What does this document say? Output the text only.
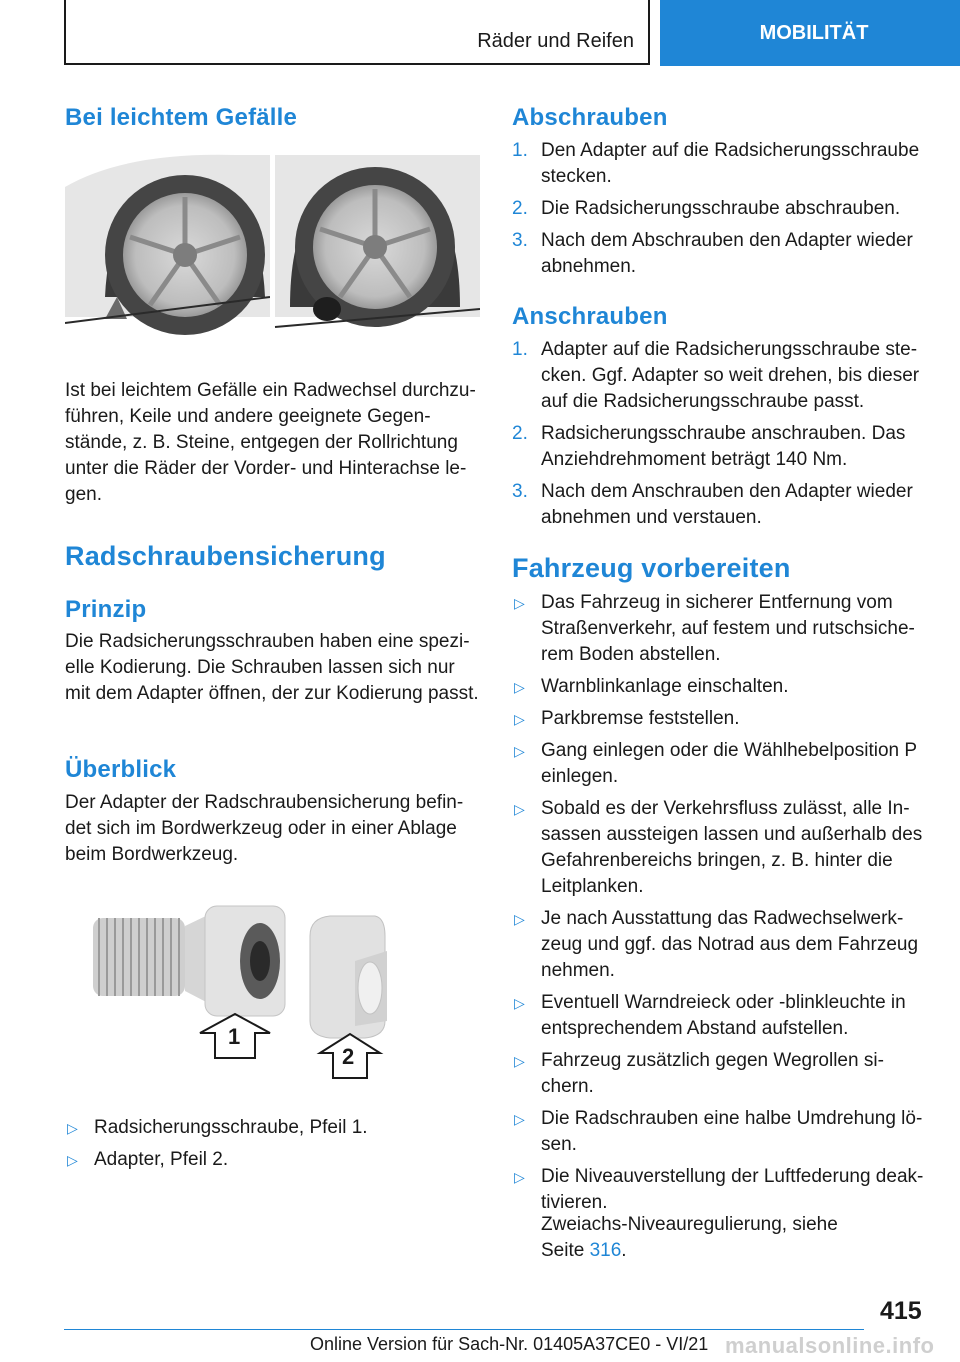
Räder und Reifen	MOBILITÄT
Bei leichtem Gefälle

Ist bei leichtem Gefälle ein Radwechsel durchzuführen, Keile und andere geeignete Gegenstände, z. B. Steine, entgegen der Rollrichtung unter die Räder der Vorder- und Hinterachse legen.

Radschraubensicherung
Prinzip

Die Radsicherungsschrauben haben eine spezielle Kodierung. Die Schrauben lassen sich nur mit dem Adapter öffnen, der zur Kodierung passt.

Überblick

Der Adapter der Radschraubensicherung befindet sich im Bordwerkzeug oder in einer Ablage beim Bordwerkzeug.

1
2
▷ Radsicherungsschraube, Pfeil 1.
▷ Adapter, Pfeil 2.
Abschrauben
1. Den Adapter auf die Radsicherungsschraube stecken.
2. Die Radsicherungsschraube abschrauben.
3. Nach dem Abschrauben den Adapter wieder abnehmen.
Anschrauben
1. Adapter auf die Radsicherungsschraube stecken. Ggf. Adapter so weit drehen, bis dieser auf die Radsicherungsschraube passt.
2. Radsicherungsschraube anschrauben. Das Anziehdrehmoment beträgt 140 Nm.
3. Nach dem Anschrauben den Adapter wieder abnehmen und verstauen.
Fahrzeug vorbereiten
▷ Das Fahrzeug in sicherer Entfernung vom Straßenverkehr, auf festem und rutschsicherem Boden abstellen.
▷ Warnblinkanlage einschalten.
▷ Parkbremse feststellen.
▷ Gang einlegen oder die Wählhebelposition P einlegen.
▷ Sobald es der Verkehrsfluss zulässt, alle Insassen aussteigen lassen und außerhalb des Gefahrenbereichs bringen, z. B. hinter die Leitplanken.
▷ Je nach Ausstattung das Radwechselwerkzeug und ggf. das Notrad aus dem Fahrzeug nehmen.
▷ Eventuell Warndreieck oder -blinkleuchte in entsprechendem Abstand aufstellen.
▷ Fahrzeug zusätzlich gegen Wegrollen sichern.
▷ Die Radschrauben eine halbe Umdrehung lösen.
▷ Die Niveauverstellung der Luftfederung deaktivieren.

Zweiachs-Niveauregulierung, siehe
Seite 316.

415
Online Version für Sach-Nr. 01405A37CE0 - VI/21 manualsonline.info
